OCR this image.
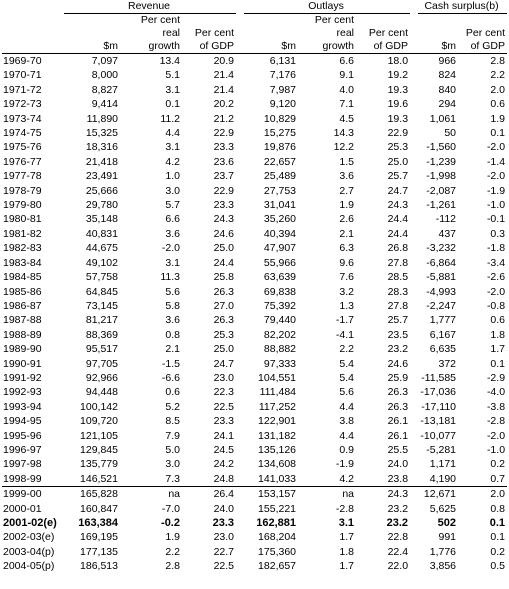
	Revenue				Outlays				Cash surplus(b)	
		Per cent				Per cent				
		real	Per cent			real	Per cent			Per cent
	$m	growth	of GDP		$m	growth	of GDP		$m	of GDP
1969-70	7,097	13.4	20.9		6,131	6.6	18.0		966	2.8
1970-71	8,000	5.1	21.4		7,176	9.1	19.2		824	2.2
1971-72	8,827	3.1	21.4		7,987	4.0	19.3		840	2.0
1972-73	9,414	0.1	20.2		9,120	7.1	19.6		294	0.6
1973-74	11,890	11.2	21.2		10,829	4.5	19.3		1,061	1.9
1974-75	15,325	4.4	22.9		15,275	14.3	22.9		50	0.1
1975-76	18,316	3.1	23.3		19,876	12.2	25.3		-1,560	-2.0
1976-77	21,418	4.2	23.6		22,657	1.5	25.0		-1,239	-1.4
1977-78	23,491	1.0	23.7		25,489	3.6	25.7		-1,998	-2.0
1978-79	25,666	3.0	22.9		27,753	2.7	24.7		-2,087	-1.9
1979-80	29,780	5.7	23.3		31,041	1.9	24.3		-1,261	-1.0
1980-81	35,148	6.6	24.3		35,260	2.6	24.4		-112	-0.1
1981-82	40,831	3.6	24.6		40,394	2.1	24.4		437	0.3
1982-83	44,675	-2.0	25.0		47,907	6.3	26.8		-3,232	-1.8
1983-84	49,102	3.1	24.4		55,966	9.6	27.8		-6,864	-3.4
1984-85	57,758	11.3	25.8		63,639	7.6	28.5		-5,881	-2.6
1985-86	64,845	5.6	26.3		69,838	3.2	28.3		-4,993	-2.0
1986-87	73,145	5.8	27.0		75,392	1.3	27.8		-2,247	-0.8
1987-88	81,217	3.6	26.3		79,440	-1.7	25.7		1,777	0.6
1988-89	88,369	0.8	25.3		82,202	-4.1	23.5		6,167	1.8
1989-90	95,517	2.1	25.0		88,882	2.2	23.2		6,635	1.7
1990-91	97,705	-1.5	24.7		97,333	5.4	24.6		372	0.1
1991-92	92,966	-6.6	23.0		104,551	5.4	25.9		-11,585	-2.9
1992-93	94,448	0.6	22.3		111,484	5.6	26.3		-17,036	-4.0
1993-94	100,142	5.2	22.5		117,252	4.4	26.3		-17,110	-3.8
1994-95	109,720	8.5	23.3		122,901	3.8	26.1		-13,181	-2.8
1995-96	121,105	7.9	24.1		131,182	4.4	26.1		-10,077	-2.0
1996-97	129,845	5.0	24.5		135,126	0.9	25.5		-5,281	-1.0
1997-98	135,779	3.0	24.2		134,608	-1.9	24.0		1,171	0.2
1998-99	146,521	7.3	24.8		141,033	4.2	23.8		4,190	0.7
1999-00	165,828	na	26.4		153,157	na	24.3		12,671	2.0
2000-01	160,847	-7.0	24.0		155,221	-2.8	23.2		5,625	0.8
2001-02(e)	163,384	-0.2	23.3		162,881	3.1	23.2		502	0.1
2002-03(e)	169,195	1.9	23.0		168,204	1.7	22.8		991	0.1
2003-04(p)	177,135	2.2	22.7		175,360	1.8	22.4		1,776	0.2
2004-05(p)	186,513	2.8	22.5		182,657	1.7	22.0		3,856	0.5
